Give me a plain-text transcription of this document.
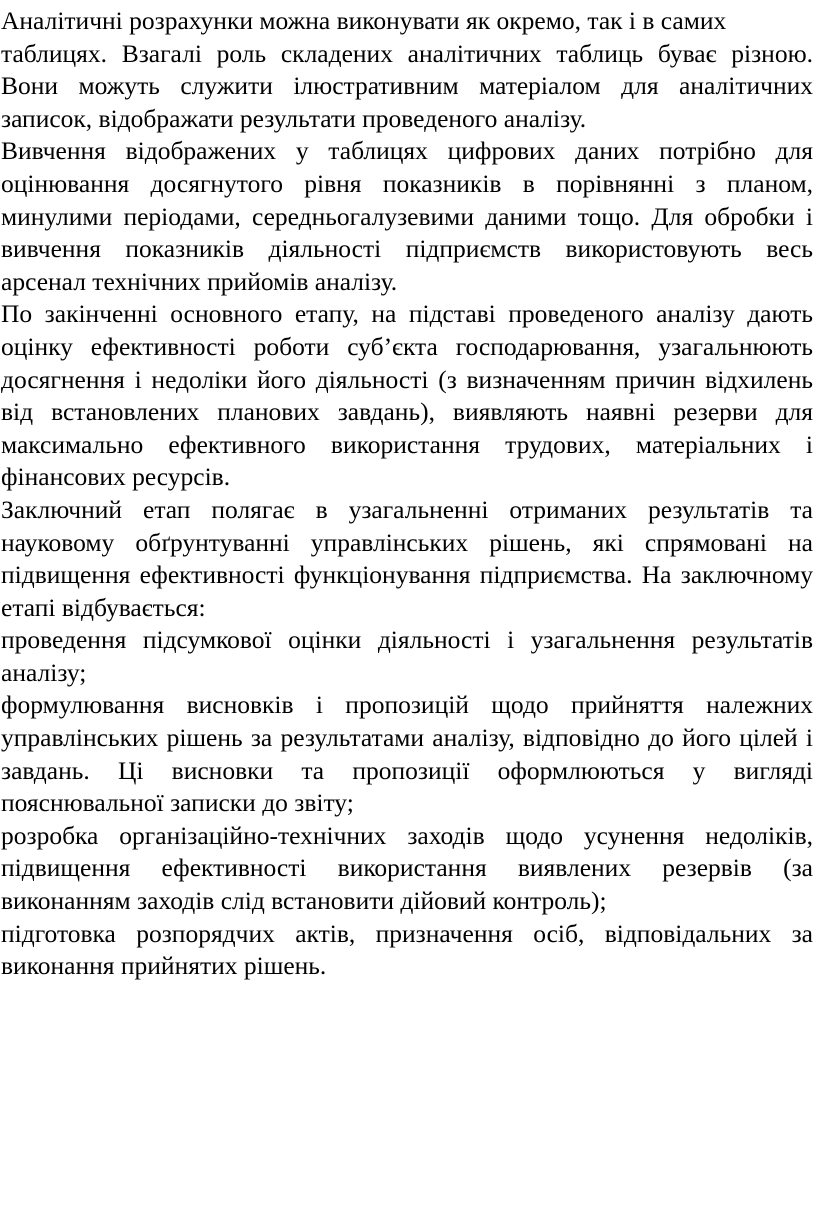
Аналітичні розрахунки можна виконувати як окремо, так і в самих
таблицях. Взагалі роль складених аналітичних таблиць буває різною. Вони можуть служити ілюстративним матеріалом для аналітичних записок, відображати результати проведеного аналізу.

Вивчення відображених у таблицях цифрових даних потрібно для оцінювання досягнутого рівня показників в порівнянні з планом, минулими періодами, середньогалузевими даними тощо. Для обробки і вивчення показників діяльності підприємств використовують весь арсенал технічних прийомів аналізу.

По закінченні основного етапу, на підставі проведеного аналізу дають оцінку ефективності роботи суб’єкта господарювання, узагальнюють досягнення і недоліки його діяльності (з визначенням причин відхилень від встановлених планових завдань), виявляють наявні резерви для максимально ефективного використання трудових, матеріальних і фінансових ресурсів.

Заключний етап полягає в узагальненні отриманих результатів та науковому обґрунтуванні управлінських рішень, які спрямовані на підвищення ефективності функціонування підприємства. На заключному етапі відбувається:

проведення підсумкової оцінки діяльності і узагальнення результатів аналізу;

формулювання висновків і пропозицій щодо прийняття належних управлінських рішень за результатами аналізу, відповідно до його цілей і завдань. Ці висновки та пропозиції оформлюються у вигляді пояснювальної записки до звіту;

розробка організаційно-технічних заходів щодо усунення недоліків, підвищення ефективності використання виявлених резервів (за виконанням заходів слід встановити дійовий контроль);

підготовка розпорядчих актів, призначення осіб, відповідальних за виконання прийнятих рішень.
